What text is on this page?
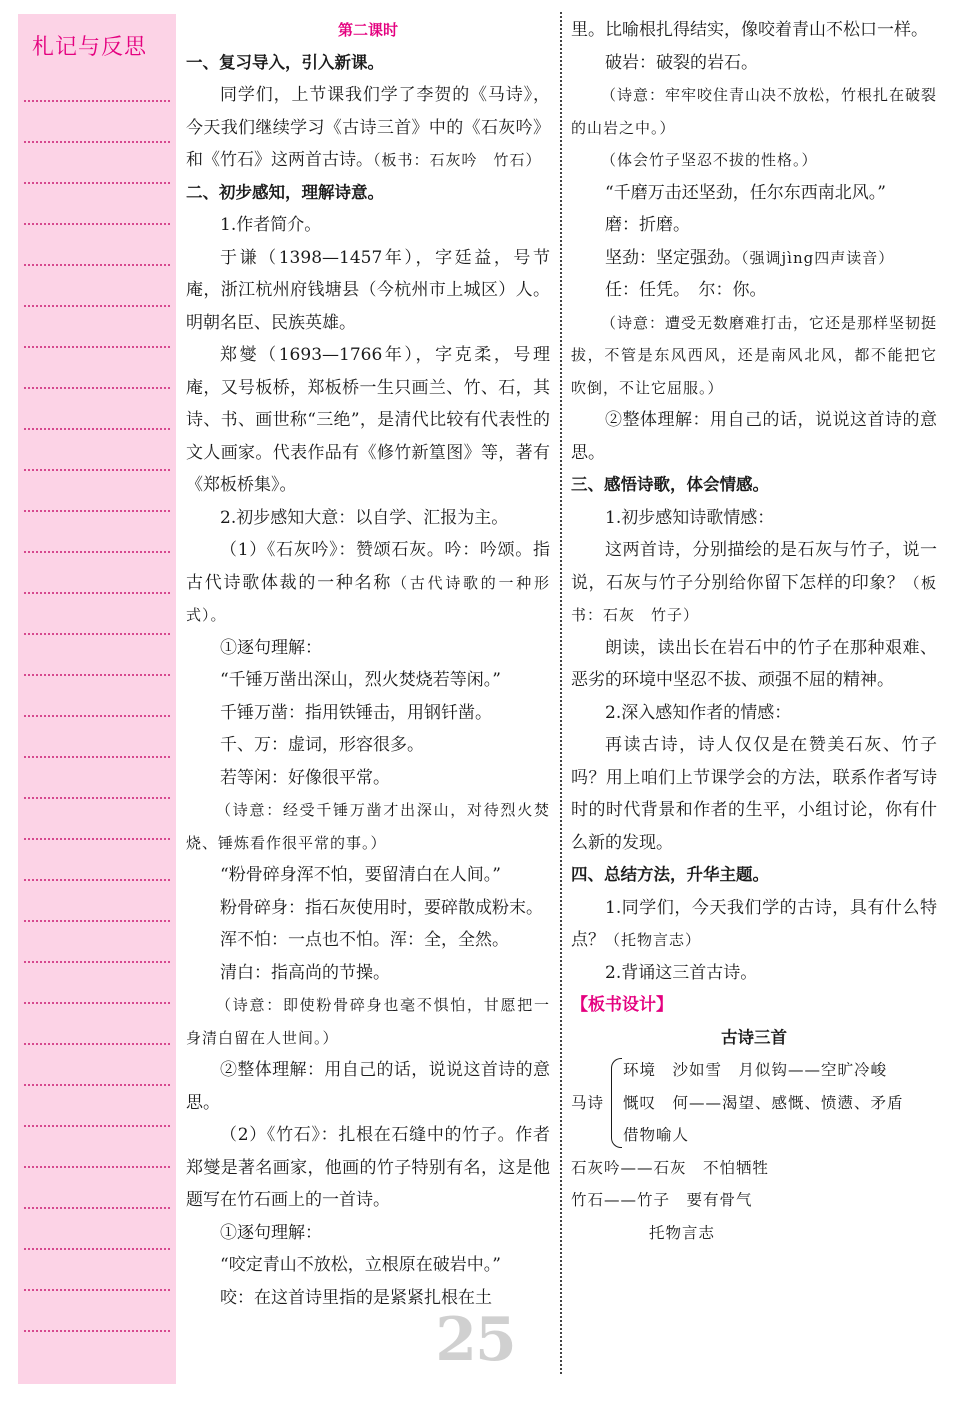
札记与反思

第二课时

一、复习导入，引入新课。

同学们，上节课我们学了李贺的《马诗》，今天我们继续学习《古诗三首》中的《石灰吟》和《竹石》这两首古诗。（板书：石灰吟　竹石）

二、初步感知，理解诗意。

1.作者简介。

于谦（1398—1457年），字廷益，号节庵，浙江杭州府钱塘县（今杭州市上城区）人。明朝名臣、民族英雄。

郑燮（1693—1766年），字克柔，号理庵，又号板桥，郑板桥一生只画兰、竹、石，其诗、书、画世称“三绝”，是清代比较有代表性的文人画家。代表作品有《修竹新篁图》等，著有《郑板桥集》。

2.初步感知大意：以自学、汇报为主。

（1）《石灰吟》：赞颂石灰。吟：吟颂。指古代诗歌体裁的一种名称（古代诗歌的一种形式）。

①逐句理解：

“千锤万凿出深山，烈火焚烧若等闲。”

千锤万凿：指用铁锤击，用钢钎凿。

千、万：虚词，形容很多。

若等闲：好像很平常。

（诗意：经受千锤万凿才出深山，对待烈火焚烧、锤炼看作很平常的事。）

“粉骨碎身浑不怕，要留清白在人间。”

粉骨碎身：指石灰使用时，要碎散成粉末。

浑不怕：一点也不怕。浑：全，全然。

清白：指高尚的节操。

（诗意：即使粉骨碎身也毫不惧怕，甘愿把一身清白留在人世间。）

②整体理解：用自己的话，说说这首诗的意思。

（2）《竹石》：扎根在石缝中的竹子。作者郑燮是著名画家，他画的竹子特别有名，这是他题写在竹石画上的一首诗。

①逐句理解：

“咬定青山不放松，立根原在破岩中。”

咬：在这首诗里指的是紧紧扎根在土

里。比喻根扎得结实，像咬着青山不松口一样。

破岩：破裂的岩石。

（诗意：牢牢咬住青山决不放松，竹根扎在破裂的山岩之中。）

（体会竹子坚忍不拔的性格。）

“千磨万击还坚劲，任尔东西南北风。”

磨：折磨。

坚劲：坚定强劲。（强调jìng四声读音）

任：任凭。　尔：你。

（诗意：遭受无数磨难打击，它还是那样坚韧挺拔，不管是东风西风，还是南风北风，都不能把它吹倒，不让它屈服。）

②整体理解：用自己的话，说说这首诗的意思。

三、感悟诗歌，体会情感。

1.初步感知诗歌情感：

这两首诗，分别描绘的是石灰与竹子，说一说，石灰与竹子分别给你留下怎样的印象？（板书：石灰　竹子）

朗读，读出长在岩石中的竹子在那种艰难、恶劣的环境中坚忍不拔、顽强不屈的精神。

2.深入感知作者的情感：

再读古诗，诗人仅仅是在赞美石灰、竹子吗？用上咱们上节课学会的方法，联系作者写诗时的时代背景和作者的生平，小组讨论，你有什么新的发现。

四、总结方法，升华主题。

1.同学们，今天我们学的古诗，具有什么特点？（托物言志）

2.背诵这三首古诗。

【板书设计】

古诗三首

马诗
环境　沙如雪　月似钩——空旷冷峻
慨叹　何——渴望、感慨、愤懑、矛盾
借物喻人
石灰吟——石灰　不怕牺牲
竹石——竹子　要有骨气
托物言志
25
